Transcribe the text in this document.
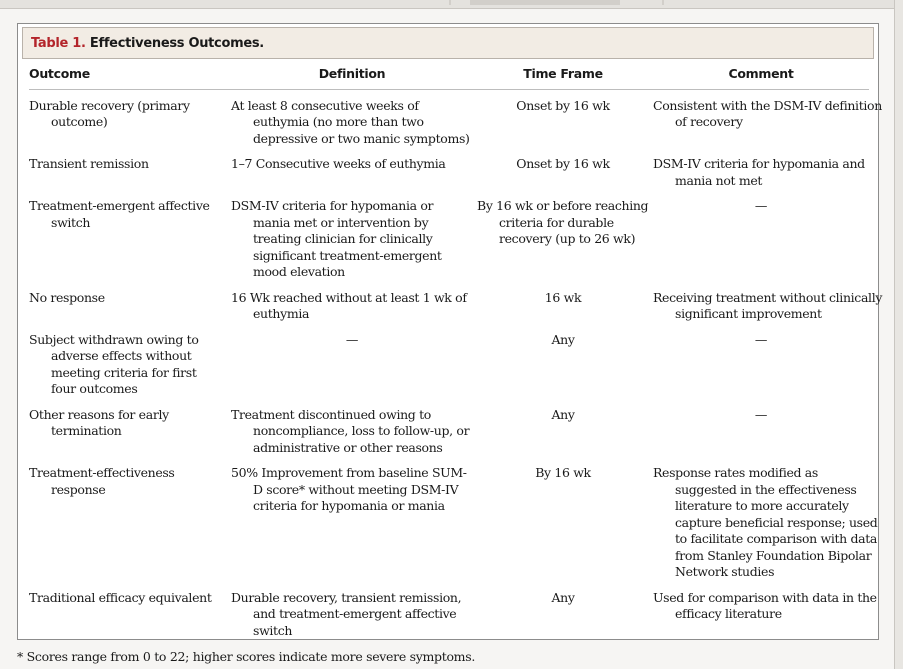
Table 1. Effectiveness Outcomes.
Outcome	Definition	Time Frame	Comment

Durable recovery (primary outcome)	At least 8 consecutive weeks of euthymia (no more than two depressive or two manic symptoms)	Onset by 16 wk	Consistent with the DSM-IV definition of recovery

Transient remission	1–7 Consecutive weeks of euthymia	Onset by 16 wk	DSM-IV criteria for hypomania and mania not met

Treatment-emergent affective switch	DSM-IV criteria for hypomania or mania met or intervention by treating clinician for clinically significant treatment-emergent mood elevation	By 16 wk or before reaching criteria for durable recovery (up to 26 wk)	—

No response	16 Wk reached without at least 1 wk of euthymia	16 wk	Receiving treatment without clinically significant improvement

Subject withdrawn owing to adverse effects without meeting criteria for first four outcomes	—	Any	—

Other reasons for early termination	Treatment discontinued owing to noncompliance, loss to follow-up, or administrative or other reasons	Any	—

Treatment-effectiveness response	50% Improvement from baseline SUM-D score* without meeting DSM-IV criteria for hypomania or mania	By 16 wk	Response rates modified as suggested in the effectiveness literature to more accurately capture beneficial response; used to facilitate comparison with data from Stanley Foundation Bipolar Network studies

Traditional efficacy equivalent	Durable recovery, transient remission, and treatment-emergent affective switch	Any	Used for comparison with data in the efficacy literature
* Scores range from 0 to 22; higher scores indicate more severe symptoms.
